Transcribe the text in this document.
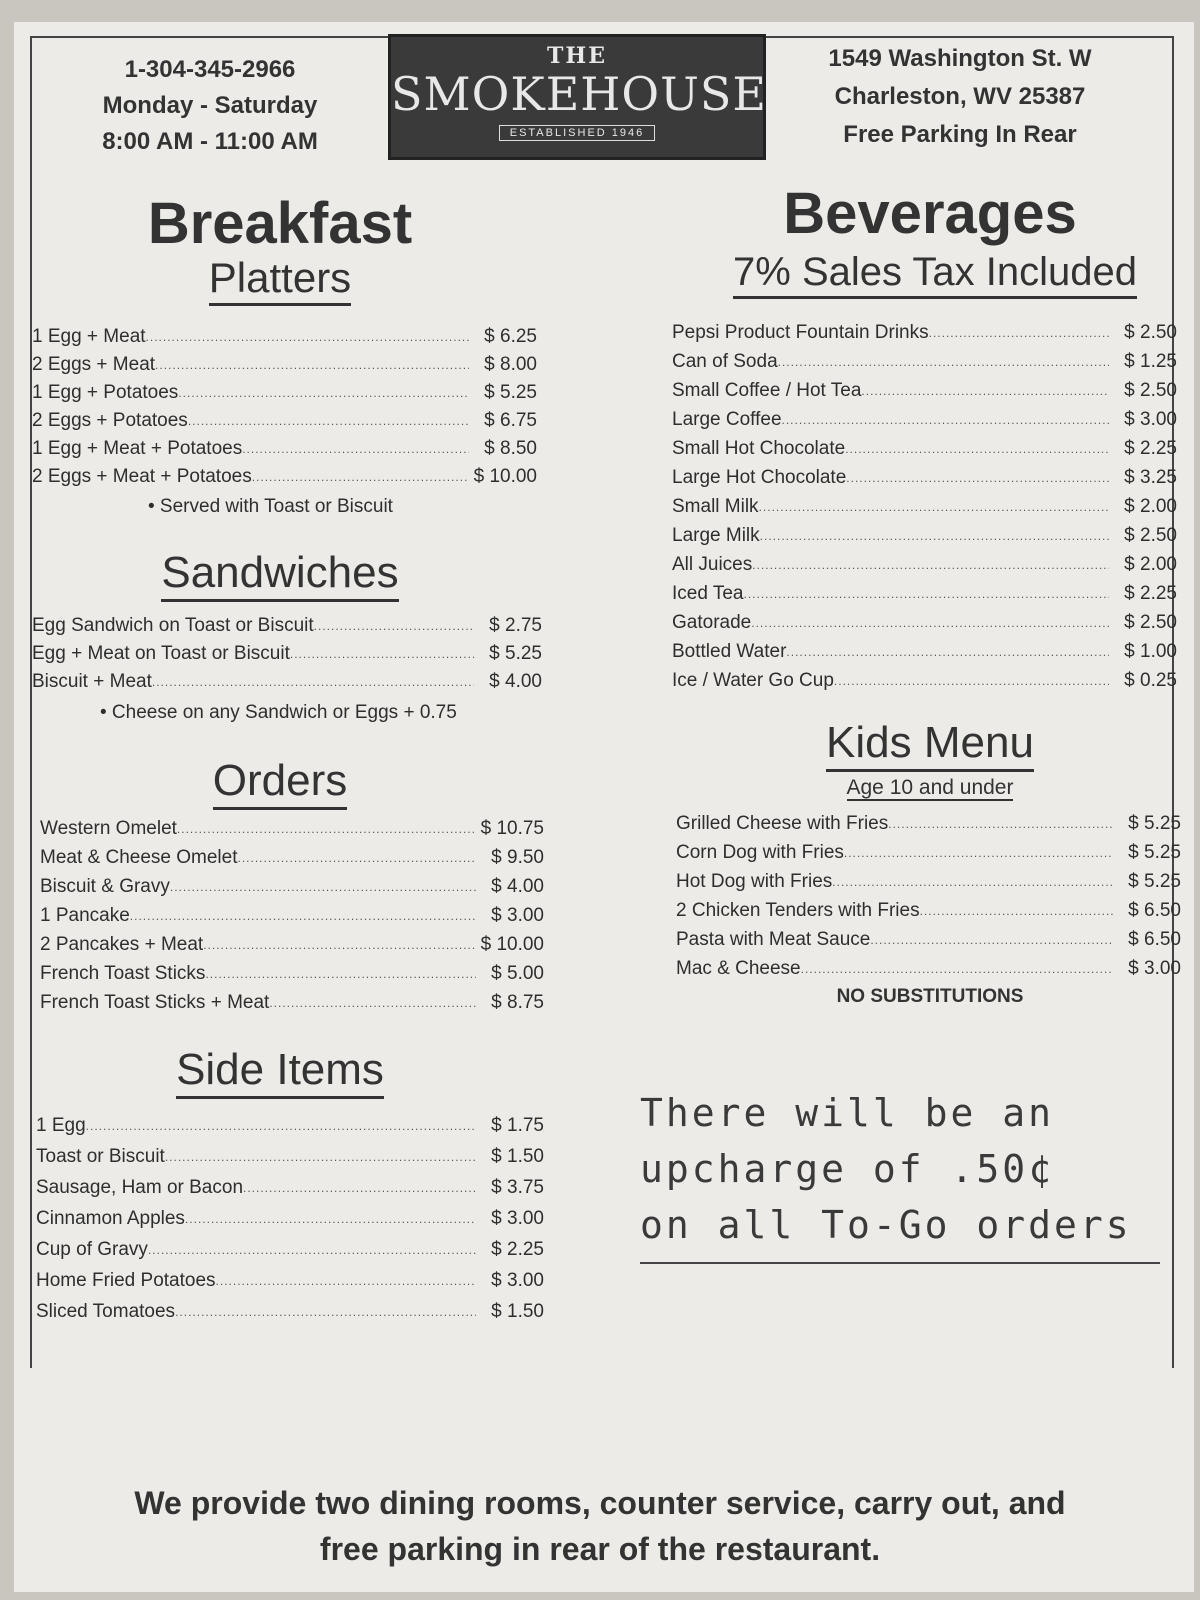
1-304-345-2966
Monday - Saturday
8:00 AM - 11:00 AM
THE
SMOKEHOUSE
ESTABLISHED 1946
1549 Washington St. W
Charleston, WV 25387
Free Parking In Rear
Breakfast
Platters
Beverages
7% Sales Tax Included
1 Egg + Meat .....	$ 6.25
2 Eggs + Meat .....	$ 8.00
1 Egg + Potatoes .....	$ 5.25
2 Eggs + Potatoes .....	$ 6.75
1 Egg + Meat + Potatoes .....	$ 8.50
2 Eggs + Meat + Potatoes .....	$ 10.00
• Served with Toast or Biscuit
Sandwiches
Egg Sandwich on Toast or Biscuit .....	$ 2.75
Egg + Meat on Toast or Biscuit .....	$ 5.25
Biscuit + Meat .....	$ 4.00
• Cheese on any Sandwich or Eggs + 0.75
Orders
Western Omelet .....	$ 10.75
Meat & Cheese Omelet .....	$ 9.50
Biscuit & Gravy .....	$ 4.00
1 Pancake .....	$ 3.00
2 Pancakes + Meat .....	$ 10.00
French Toast Sticks .....	$ 5.00
French Toast Sticks + Meat .....	$ 8.75
Side Items
1 Egg .....	$ 1.75
Toast or Biscuit .....	$ 1.50
Sausage, Ham or Bacon .....	$ 3.75
Cinnamon Apples .....	$ 3.00
Cup of Gravy .....	$ 2.25
Home Fried Potatoes .....	$ 3.00
Sliced Tomatoes .....	$ 1.50
Pepsi Product Fountain Drinks .....	$ 2.50
Can of Soda .....	$ 1.25
Small Coffee / Hot Tea .....	$ 2.50
Large Coffee .....	$ 3.00
Small Hot Chocolate .....	$ 2.25
Large Hot Chocolate .....	$ 3.25
Small Milk .....	$ 2.00
Large Milk .....	$ 2.50
All Juices .....	$ 2.00
Iced Tea .....	$ 2.25
Gatorade .....	$ 2.50
Bottled Water .....	$ 1.00
Ice / Water Go Cup .....	$ 0.25
Kids Menu
Age 10 and under
Grilled Cheese with Fries .....	$ 5.25
Corn Dog with Fries .....	$ 5.25
Hot Dog with Fries .....	$ 5.25
2 Chicken Tenders with Fries .....	$ 6.50
Pasta with Meat Sauce .....	$ 6.50
Mac & Cheese .....	$ 3.00
NO SUBSTITUTIONS
There will be an
upcharge of .50¢
on all To-Go orders
We provide two dining rooms, counter service, carry out, and
free parking in rear of the restaurant.
